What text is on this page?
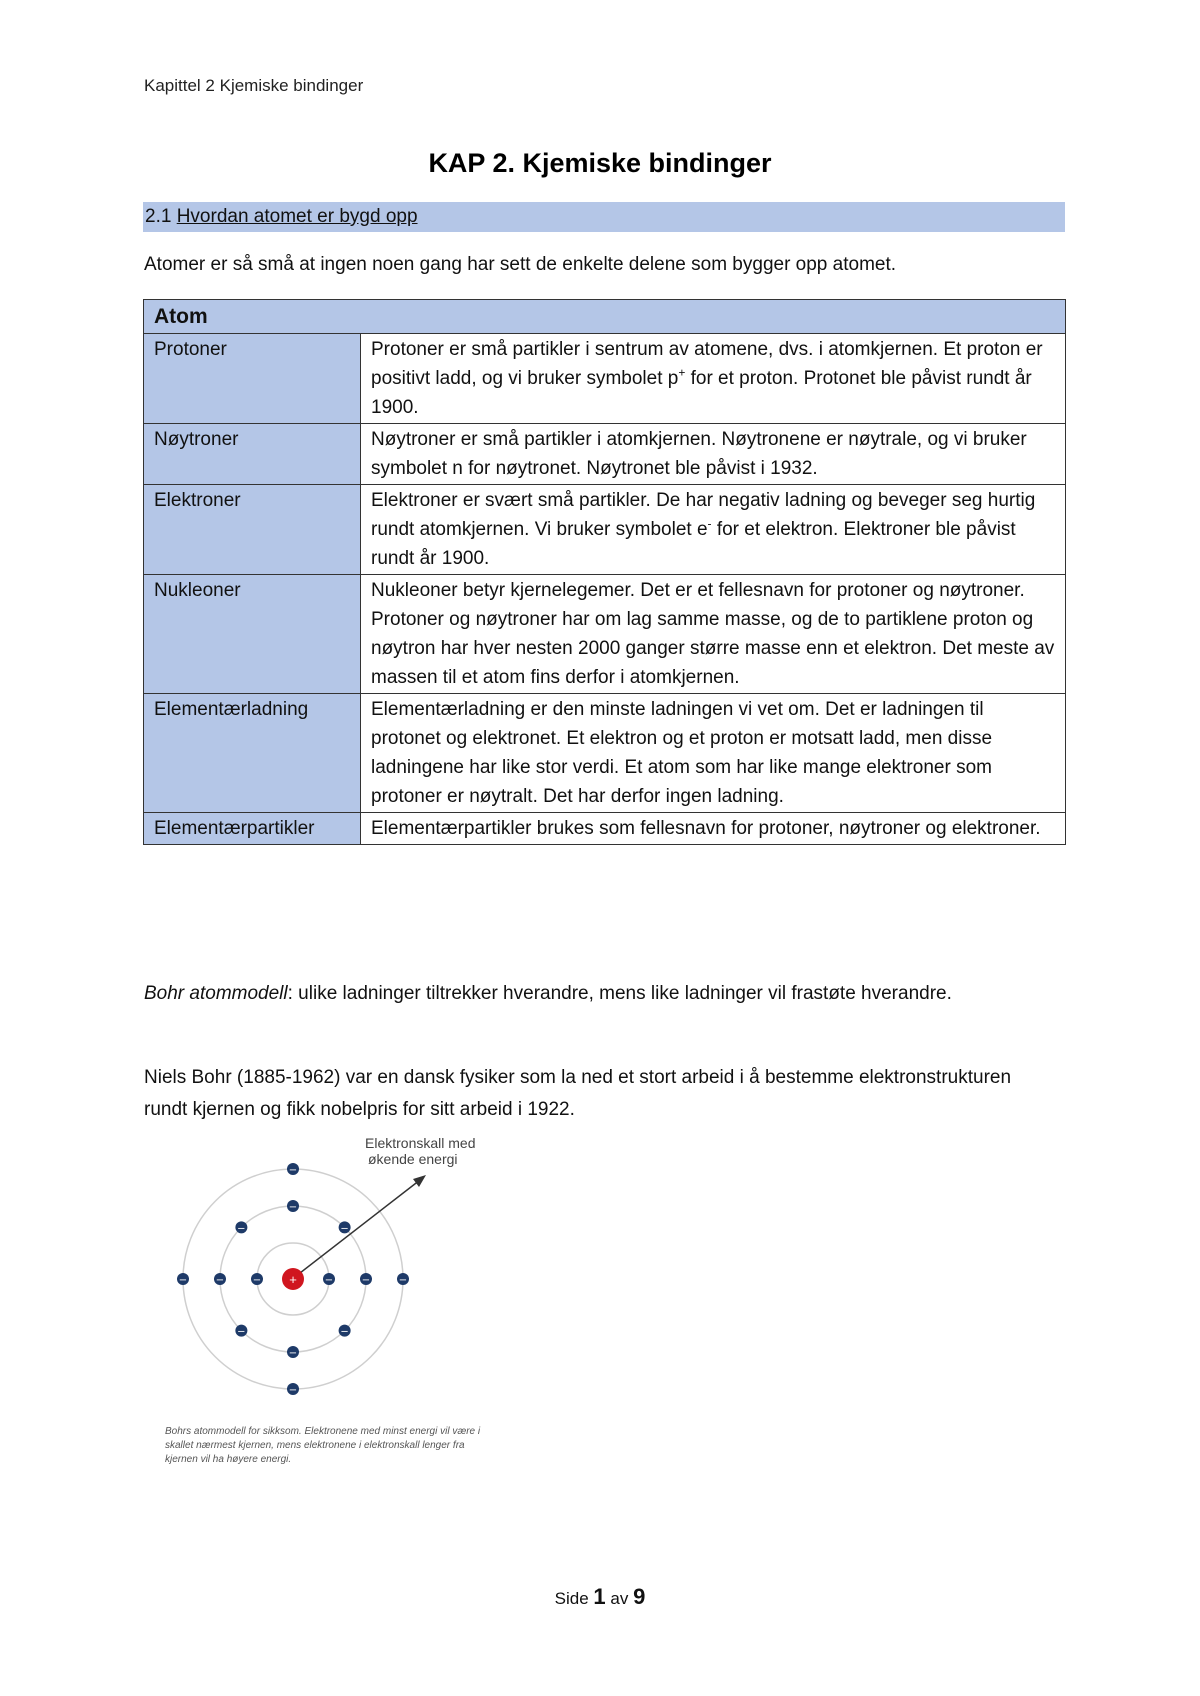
Kapittel 2 Kjemiske bindinger
KAP 2. Kjemiske bindinger
2.1 Hvordan atomet er bygd opp
Atomer er så små at ingen noen gang har sett de enkelte delene som bygger opp atomet.
Atom	
Protoner	Protoner er små partikler i sentrum av atomene, dvs. i atomkjernen. Et proton er positivt ladd, og vi bruker symbolet p+ for et proton. Protonet ble påvist rundt år 1900.
Nøytroner	Nøytroner er små partikler i atomkjernen. Nøytronene er nøytrale, og vi bruker symbolet n for nøytronet. Nøytronet ble påvist i 1932.
Elektroner	Elektroner er svært små partikler. De har negativ ladning og beveger seg hurtig rundt atomkjernen. Vi bruker symbolet e- for et elektron. Elektroner ble påvist rundt år 1900.
Nukleoner	Nukleoner betyr kjernelegemer. Det er et fellesnavn for protoner og nøytroner. Protoner og nøytroner har om lag samme masse, og de to partiklene proton og nøytron har hver nesten 2000 ganger større masse enn et elektron. Det meste av massen til et atom fins derfor i atomkjernen.
Elementærladning	Elementærladning er den minste ladningen vi vet om. Det er ladningen til protonet og elektronet. Et elektron og et proton er motsatt ladd, men disse ladningene har like stor verdi. Et atom som har like mange elektroner som protoner er nøytralt. Det har derfor ingen ladning.
Elementærpartikler	Elementærpartikler brukes som fellesnavn for protoner, nøytroner og elektroner.
Bohr atommodell: ulike ladninger tiltrekker hverandre, mens like ladninger vil frastøte hverandre.
Niels Bohr (1885-1962) var en dansk fysiker som la ned et stort arbeid i å bestemme elektronstrukturen rundt kjernen og fikk nobelpris for sitt arbeid i 1922.
Elektronskall med
økende energi
−
−	−
−
−
−
−
−
−
−
−
−
−
−
+
Bohrs atommodell for sikksom. Elektronene med minst energi vil være i
skallet nærmest kjernen, mens elektronene i elektronskall lenger fra
kjernen vil ha høyere energi.
Side 1 av 9
